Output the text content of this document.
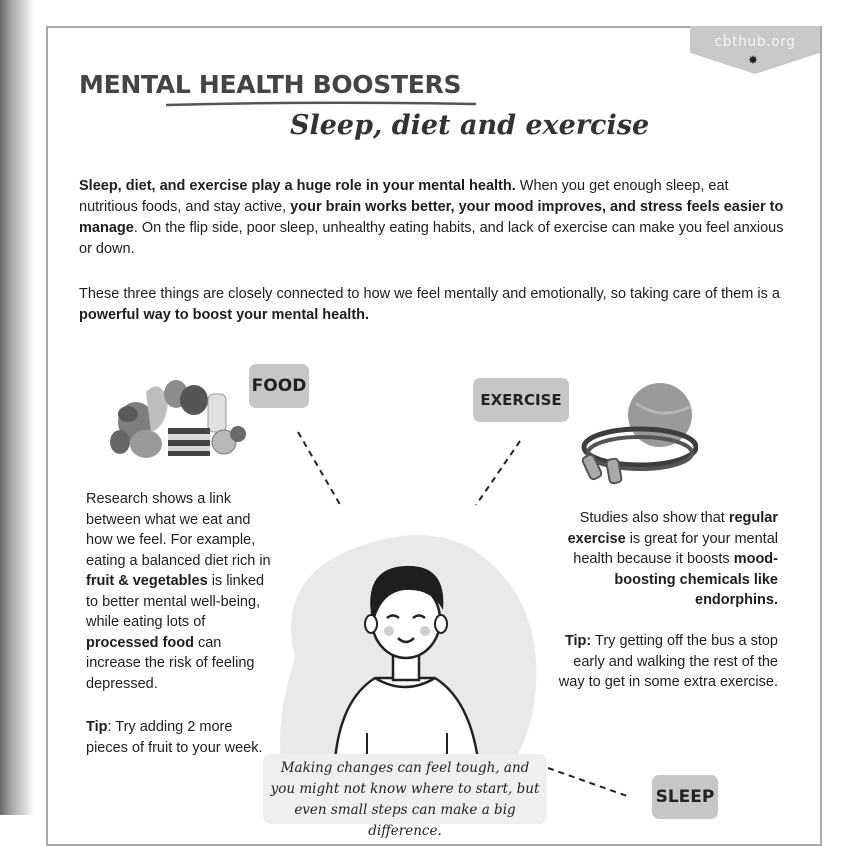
cbthub.org
✸
MENTAL HEALTH BOOSTERS
Sleep, diet and exercise

Sleep, diet, and exercise play a huge role in your mental health. When you get enough sleep, eat nutritious foods, and stay active, your brain works better, your mood improves, and stress feels easier to manage. On the flip side, poor sleep, unhealthy eating habits, and lack of exercise can make you feel anxious or down.

These three things are closely connected to how we feel mentally and emotionally, so taking care of them is a powerful way to boost your mental health.

FOOD
EXERCISE

Research shows a link between what we eat and how we feel. For example, eating a balanced diet rich in fruit & vegetables is linked to better mental well-being, while eating lots of processed food can increase the risk of feeling depressed.

Tip: Try adding 2 more pieces of fruit to your week.

Studies also show that regular exercise is great for your mental health because it boosts mood-boosting chemicals like endorphins.

Tip: Try getting off the bus a stop early and walking the rest of the way to get in some extra exercise.

Making changes can feel tough, and you might not know where to start, but even small steps can make a big difference.
SLEEP
